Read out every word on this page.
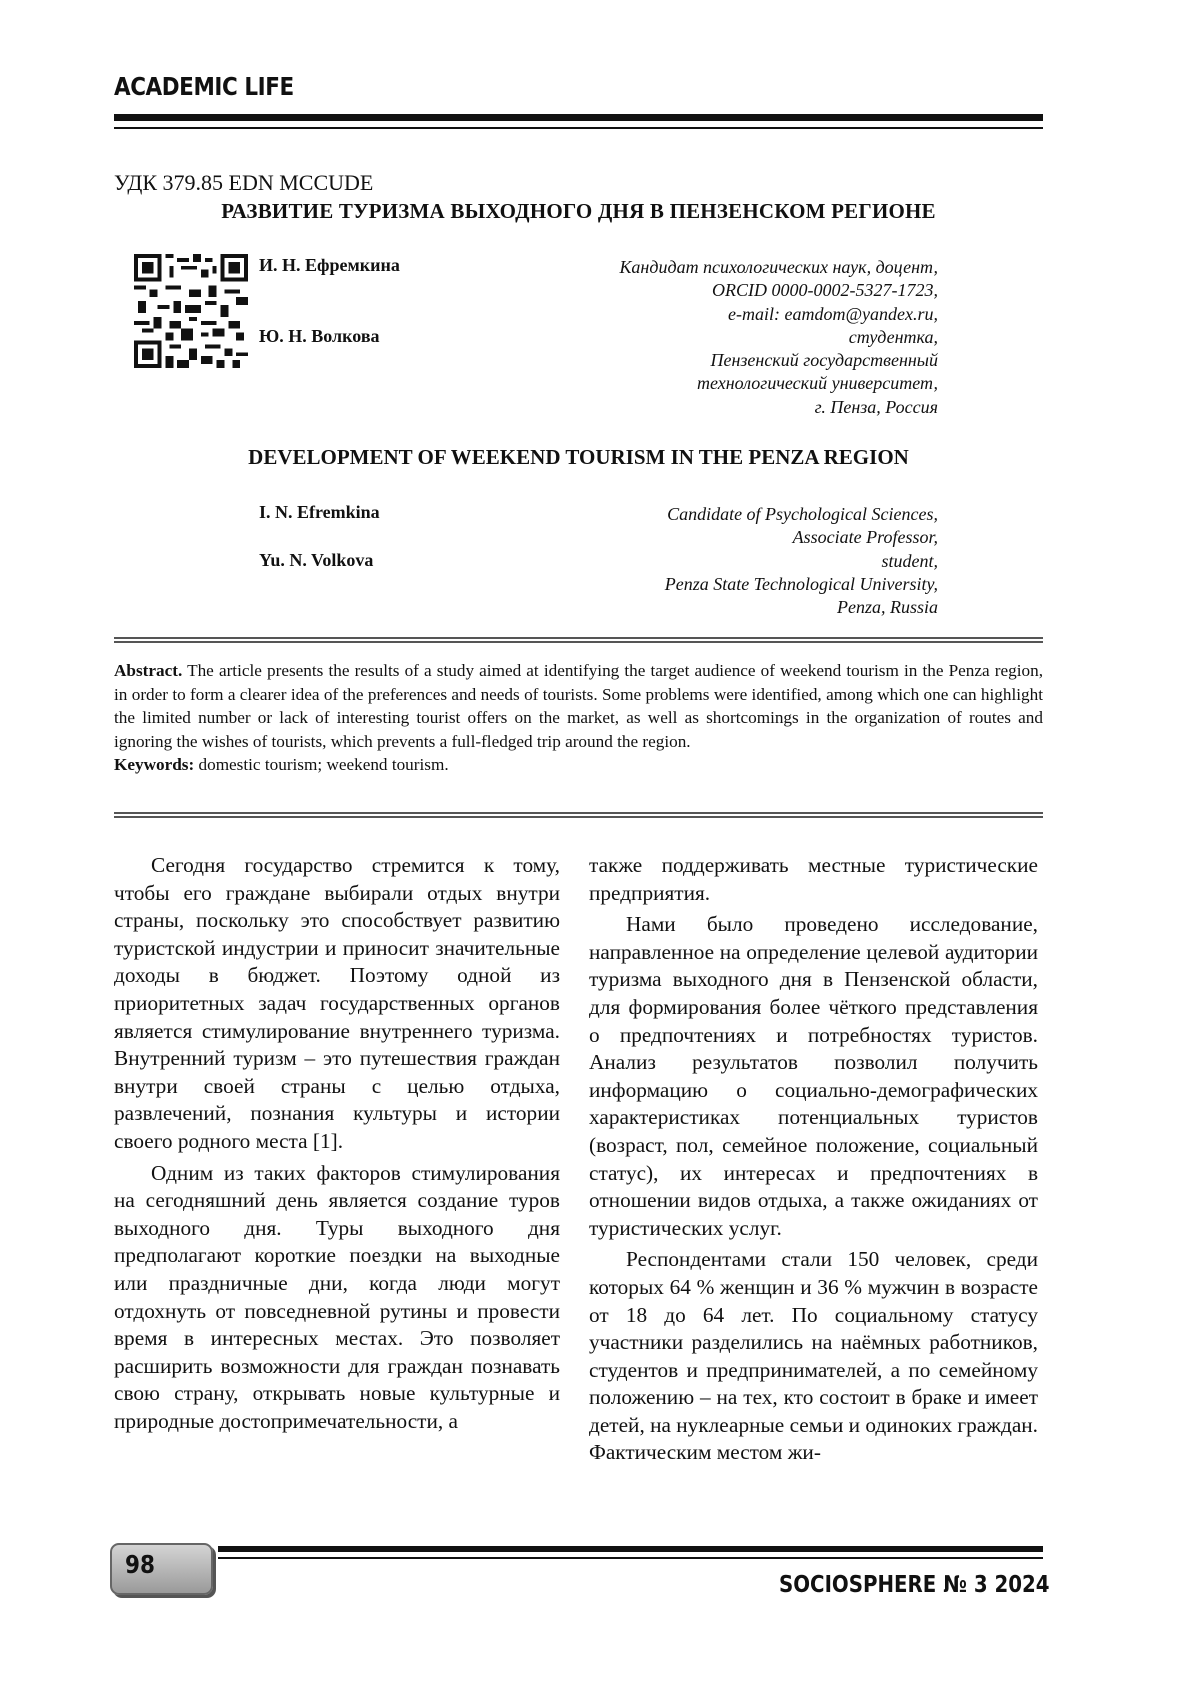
ACADEMIC LIFE
УДК 379.85 EDN MCCUDE
РАЗВИТИЕ ТУРИЗМА ВЫХОДНОГО ДНЯ В ПЕНЗЕНСКОМ РЕГИОНЕ
И. Н. Ефремкина
Ю. Н. Волкова
Кандидат психологических наук, доцент,
ORCID 0000-0002-5327-1723,
e-mail: eamdom@yandex.ru,
студентка,
Пензенский государственный
технологический университет,
г. Пенза, Россия
DEVELOPMENT OF WEEKEND TOURISM IN THE PENZA REGION
I. N. Efremkina
Yu. N. Volkova
Candidate of Psychological Sciences,
Associate Professor,
student,
Penza State Technological University,
Penza, Russia
Abstract. The article presents the results of a study aimed at identifying the target audience of weekend tourism in the Penza region, in order to form a clearer idea of the preferences and needs of tourists. Some problems were identified, among which one can highlight the limited number or lack of interesting tourist offers on the market, as well as shortcomings in the organization of routes and ignoring the wishes of tourists, which prevents a full-fledged trip around the region.
Keywords: domestic tourism; weekend tourism.

Сегодня государство стремится к тому, чтобы его граждане выбирали отдых внутри страны, поскольку это способствует развитию туристской индустрии и приносит значительные доходы в бюджет. Поэтому одной из приоритетных задач государственных органов является стимулирование внутреннего туризма. Внутренний туризм – это путешествия граждан внутри своей страны с целью отдыха, развлечений, познания культуры и истории своего родного места [1].

Одним из таких факторов стимулирования на сегодняшний день является создание туров выходного дня. Туры выходного дня предполагают короткие поездки на выходные или праздничные дни, когда люди могут отдохнуть от повседневной рутины и провести время в интересных местах. Это позволяет расширить возможности для граждан познавать свою страну, открывать новые культурные и природные достопримечательности, а

также поддерживать местные туристические предприятия.

Нами было проведено исследование, направленное на определение целевой аудитории туризма выходного дня в Пензенской области, для формирования более чёткого представления о предпочтениях и потребностях туристов. Анализ результатов позволил получить информацию о социально-демографических характеристиках потенциальных туристов (возраст, пол, семейное положение, социальный статус), их интересах и предпочтениях в отношении видов отдыха, а также ожиданиях от туристических услуг.

Респондентами стали 150 человек, среди которых 64 % женщин и 36 % мужчин в возрасте от 18 до 64 лет. По социальному статусу участники разделились на наёмных работников, студентов и предпринимателей, а по семейному положению – на тех, кто состоит в браке и имеет детей, на нуклеарные семьи и одиноких граждан. Фактическим местом жи-

98
SOCIOSPHERE № 3 2024
